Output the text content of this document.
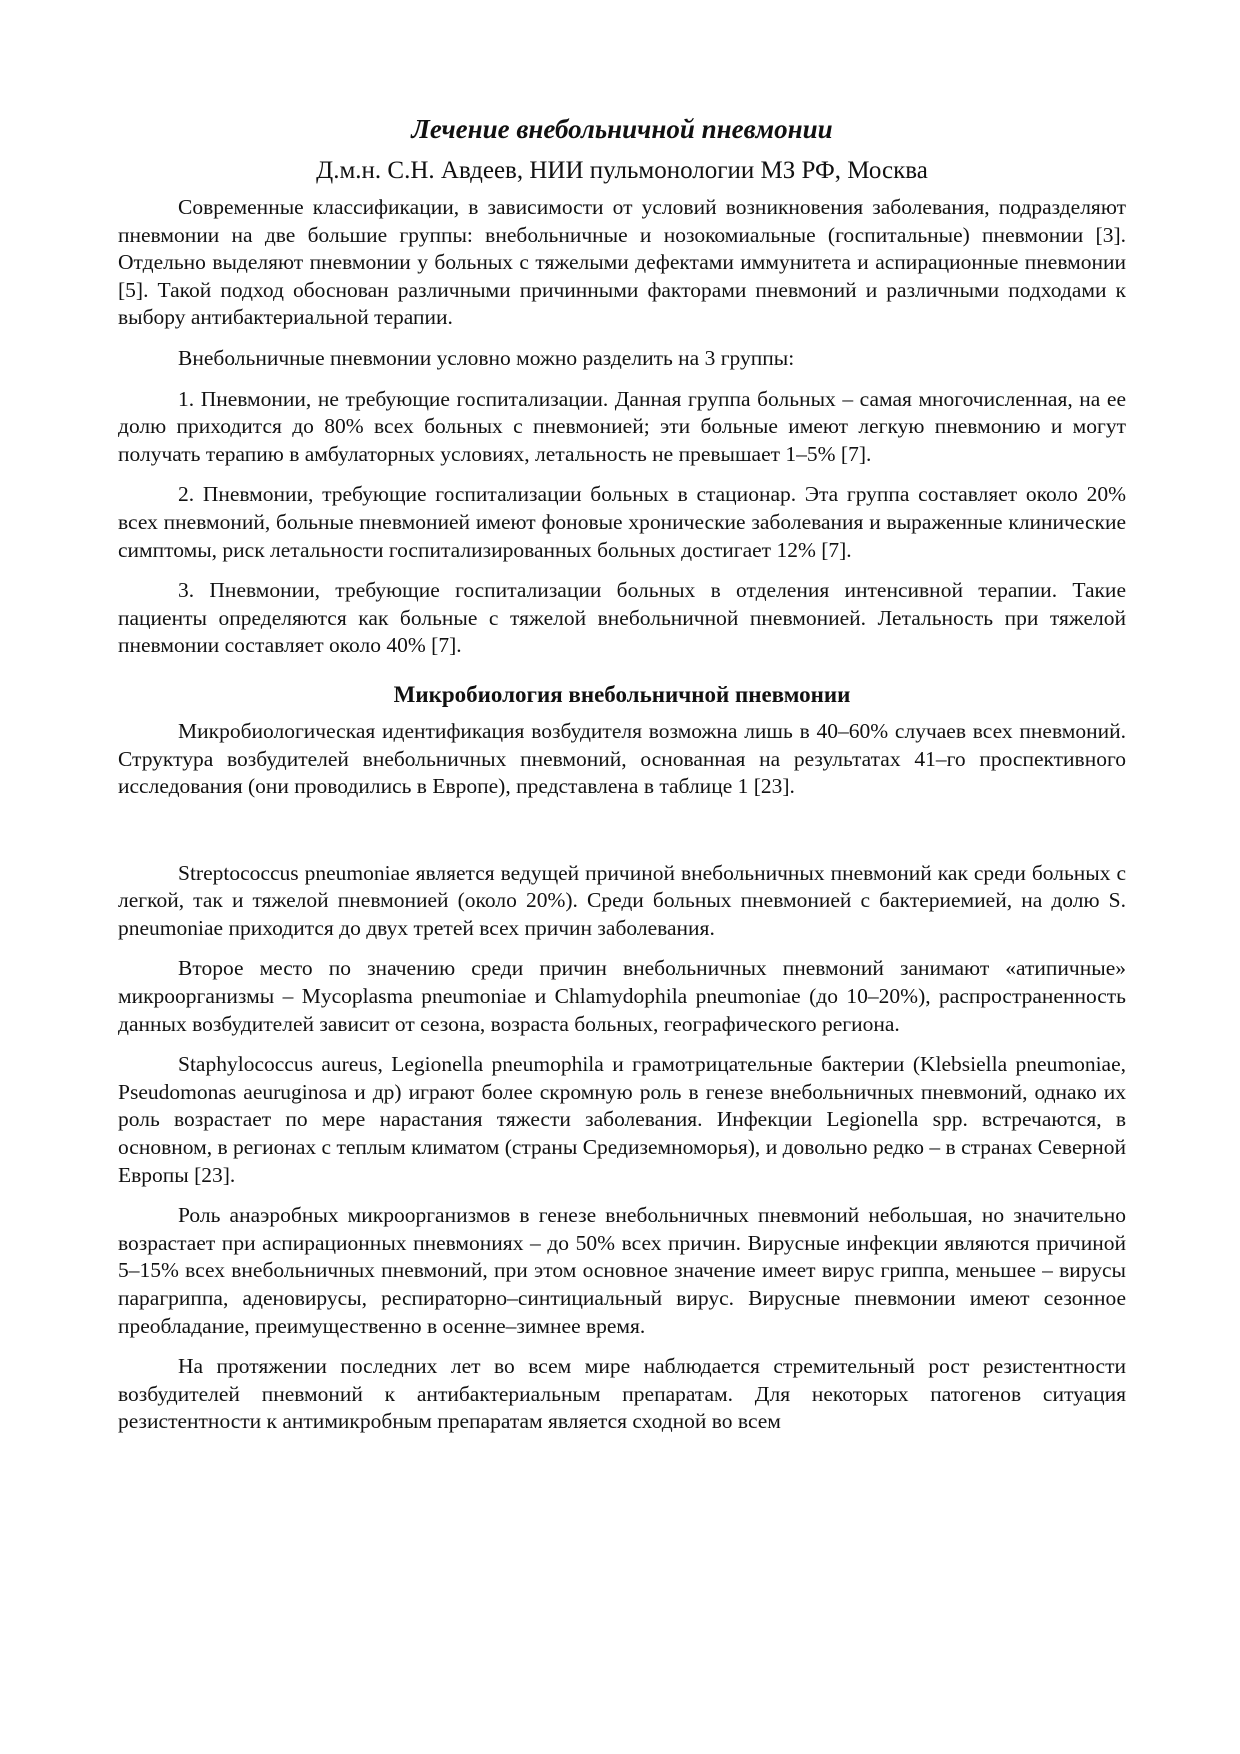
Лечение внебольничной пневмонии
Д.м.н. С.Н. Авдеев, НИИ пульмонологии МЗ РФ, Москва

Современные классификации, в зависимости от условий возникновения заболевания, подразделяют пневмонии на две большие группы: внебольничные и нозокомиальные (госпитальные) пневмонии [3]. Отдельно выделяют пневмонии у больных с тяжелыми дефектами иммунитета и аспирационные пневмонии [5]. Такой подход обоснован различными причинными факторами пневмоний и различными подходами к выбору антибактериальной терапии.

Внебольничные пневмонии условно можно разделить на 3 группы:

1. Пневмонии, не требующие госпитализации. Данная группа больных – самая многочисленная, на ее долю приходится до 80% всех больных с пневмонией; эти больные имеют легкую пневмонию и могут получать терапию в амбулаторных условиях, летальность не превышает 1–5% [7].

2. Пневмонии, требующие госпитализации больных в стационар. Эта группа составляет около 20% всех пневмоний, больные пневмонией имеют фоновые хронические заболевания и выраженные клинические симптомы, риск летальности госпитализированных больных достигает 12% [7].

3. Пневмонии, требующие госпитализации больных в отделения интенсивной терапии. Такие пациенты определяются как больные с тяжелой внебольничной пневмонией. Летальность при тяжелой пневмонии составляет около 40% [7].

Микробиология внебольничной пневмонии

Микробиологическая идентификация возбудителя возможна лишь в 40–60% случаев всех пневмоний. Структура возбудителей внебольничных пневмоний, основанная на результатах 41–го проспективного исследования (они проводились в Европе), представлена в таблице 1 [23].

Streptococcus pneumoniae является ведущей причиной внебольничных пневмоний как среди больных с легкой, так и тяжелой пневмонией (около 20%). Среди больных пневмонией с бактериемией, на долю S. pneumoniae приходится до двух третей всех причин заболевания.

Второе место по значению среди причин внебольничных пневмоний занимают «атипичные» микроорганизмы – Mycoplasma pneumoniae и Chlamydophila pneumoniae (до 10–20%), распространенность данных возбудителей зависит от сезона, возраста больных, географического региона.

Staphylococcus aureus, Legionella pneumophila и грамотрицательные бактерии (Klebsiella pneumoniae, Pseudomonas aeuruginosa и др) играют более скромную роль в генезе внебольничных пневмоний, однако их роль возрастает по мере нарастания тяжести заболевания. Инфекции Legionella spp. встречаются, в основном, в регионах с теплым климатом (страны Средиземноморья), и довольно редко – в странах Северной Европы [23].

Роль анаэробных микроорганизмов в генезе внебольничных пневмоний небольшая, но значительно возрастает при аспирационных пневмониях – до 50% всех причин. Вирусные инфекции являются причиной 5–15% всех внебольничных пневмоний, при этом основное значение имеет вирус гриппа, меньшее – вирусы парагриппа, аденовирусы, респираторно–синтициальный вирус. Вирусные пневмонии имеют сезонное преобладание, преимущественно в осенне–зимнее время.

На протяжении последних лет во всем мире наблюдается стремительный рост резистентности возбудителей пневмоний к антибактериальным препаратам. Для некоторых патогенов ситуация резистентности к антимикробным препаратам является сходной во всем
